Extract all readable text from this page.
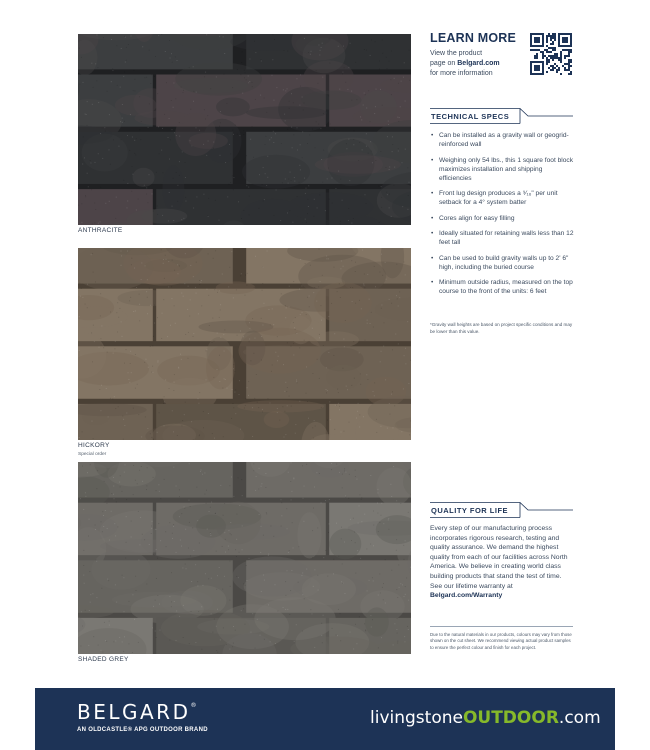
ANTHRACITE
HICKORY
Special order
SHADED GREY
LEARN MORE
View the product
page on Belgard.com
for more information
TECHNICAL SPECS
• Can be installed as a gravity wall or geogrid-reinforced wall
• Weighing only 54 lbs., this 1 square foot block maximizes installation and shipping efficiencies
• Front lug design produces a ⁹⁄₁₆" per unit setback for a 4° system batter
• Cores align for easy filling
• Ideally situated for retaining walls less than 12 feet tall
• Can be used to build gravity walls up to 2' 6" high, including the buried course
• Minimum outside radius, measured on the top course to the front of the units: 6 feet
*Gravity wall heights are based on project specific conditions and may be lower than this value.
QUALITY FOR LIFE
Every step of our manufacturing process incorporates rigorous research, testing and quality assurance. We demand the highest quality from each of our facilities across North America. We believe in creating world class building products that stand the test of time. See our lifetime warranty at Belgard.com/Warranty
Due to the natural materials in our products, colours may vary from those shown on the cut sheet. We recommend viewing actual product samples to ensure the perfect colour and finish for each project.
BELGARD®
AN OLDCASTLE® APG OUTDOOR BRAND
livingstoneOUTDOOR.com
